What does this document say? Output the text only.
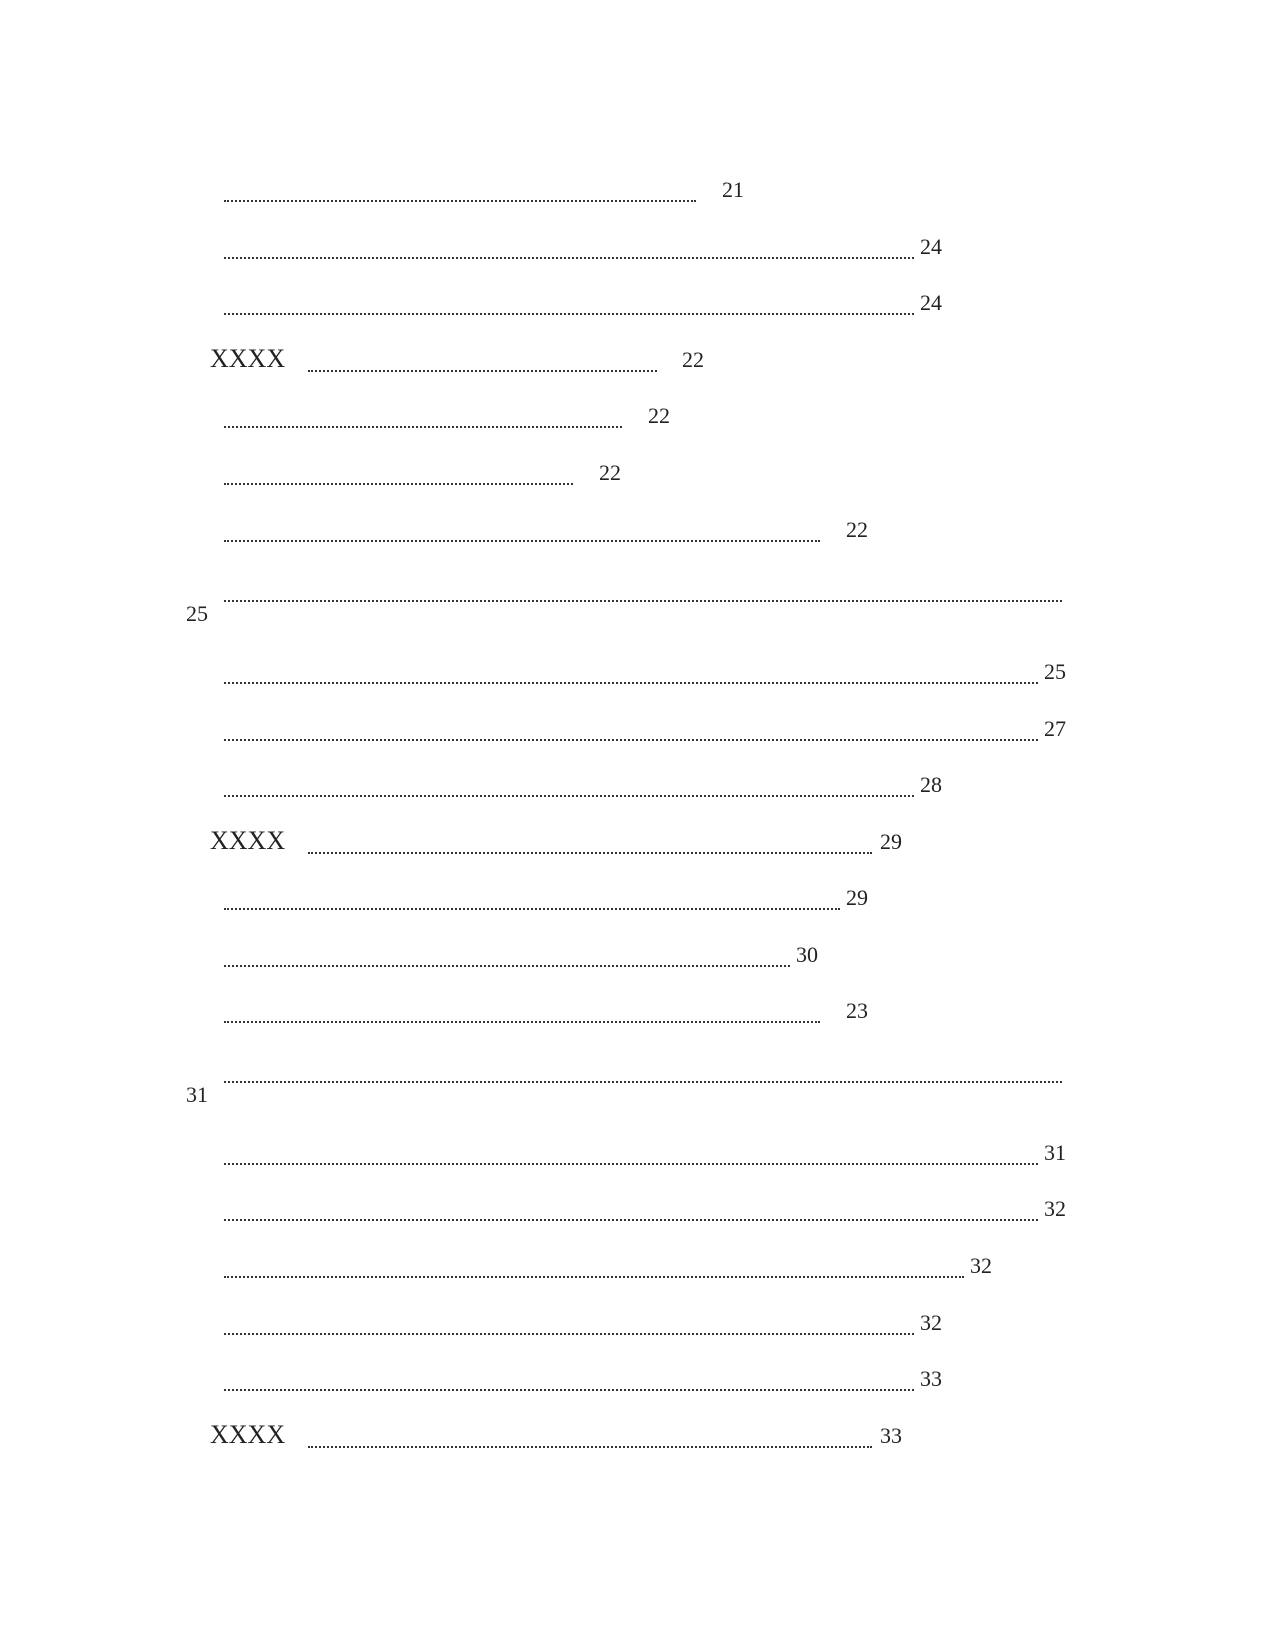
21
24
24
XXXX	22
22
22
22
25
25
27
28
XXXX	29
29
30
23
31
31
32
32
32
33
XXXX	33
